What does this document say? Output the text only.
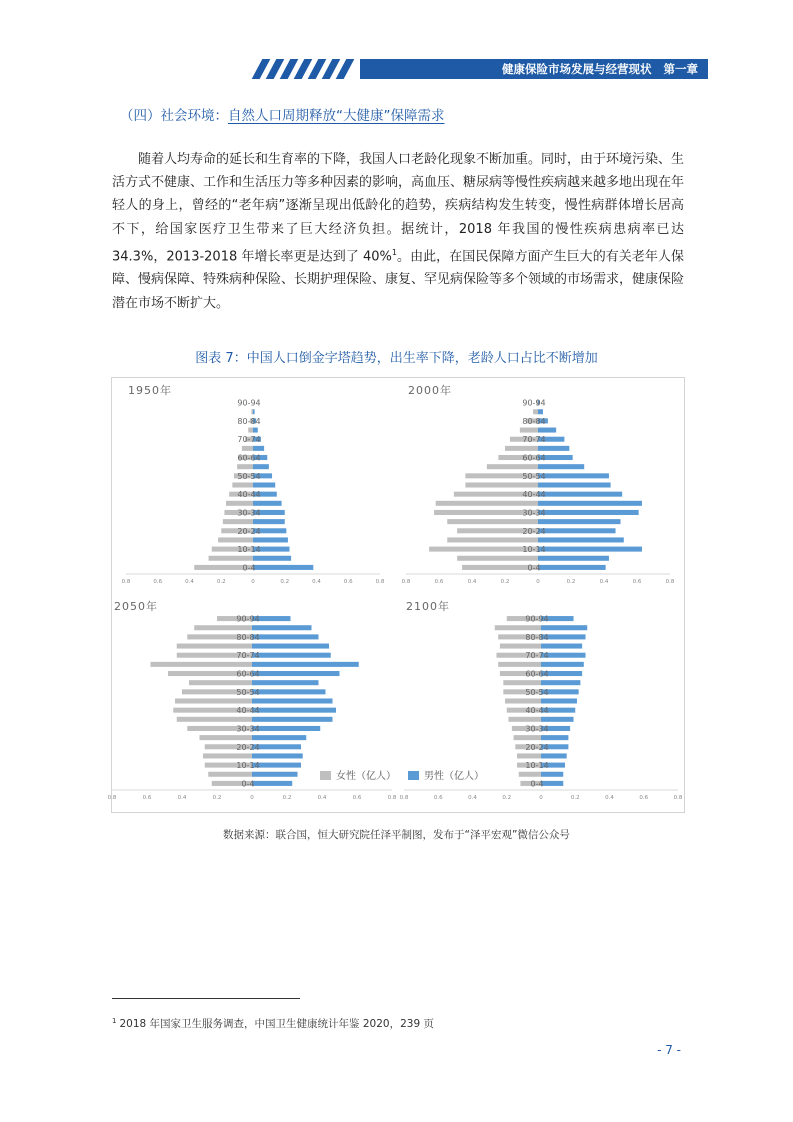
健康保险市场发展与经营现状   第一章
（四）社会环境：自然人口周期释放“大健康”保障需求

随着人均寿命的延长和生育率的下降，我国人口老龄化现象不断加重。同时，由于环境污染、生活方式不健康、工作和生活压力等多种因素的影响，高血压、糖尿病等慢性疾病越来越多地出现在年轻人的身上，曾经的“老年病”逐渐呈现出低龄化的趋势，疾病结构发生转变，慢性病群体增长居高不下，给国家医疗卫生带来了巨大经济负担。据统计，2018 年我国的慢性疾病患病率已达 34.3%，2013-2018 年增长率更是达到了 40%$^1$。由此，在国民保障方面产生巨大的有关老年人保障、慢病保障、特殊病种保险、长期护理保险、康复、罕见病保险等多个领域的市场需求，健康保险潜在市场不断扩大。

图表 7：中国人口倒金字塔趋势，出生率下降，老龄人口占比不断增加
1950年
0-4
10-14
20-24
30-34
40-44
50-54
60-64
70-74
80-84
90-94
0.8	0.6	0.4	0.2	0	0.2	0.4	0.6	0.8
2000年
0-4
10-14
20-24
30-34
40-44
50-54
60-64
70-74
80-84
90-94
0.8	0.6	0.4	0.2	0	0.2	0.4	0.6	0.8
2050年
0-4
10-14
20-24
30-34
40-44
50-54
60-64
70-74
80-84
90-94
0.8	0.6	0.4	0.2	0	0.2	0.4	0.6	0.8
2100年
0-4
10-14
20-24
30-34
40-44
50-54
60-64
70-74
80-84
90-94
0.8	0.6	0.4	0.2	0	0.2	0.4	0.6	0.8
女性（亿人）	男性（亿人）
数据来源：联合国，恒大研究院任泽平制图，发布于“泽平宏观”微信公众号
$^1$ 2018 年国家卫生服务调查，中国卫生健康统计年鉴 2020，239 页
- 7 -
